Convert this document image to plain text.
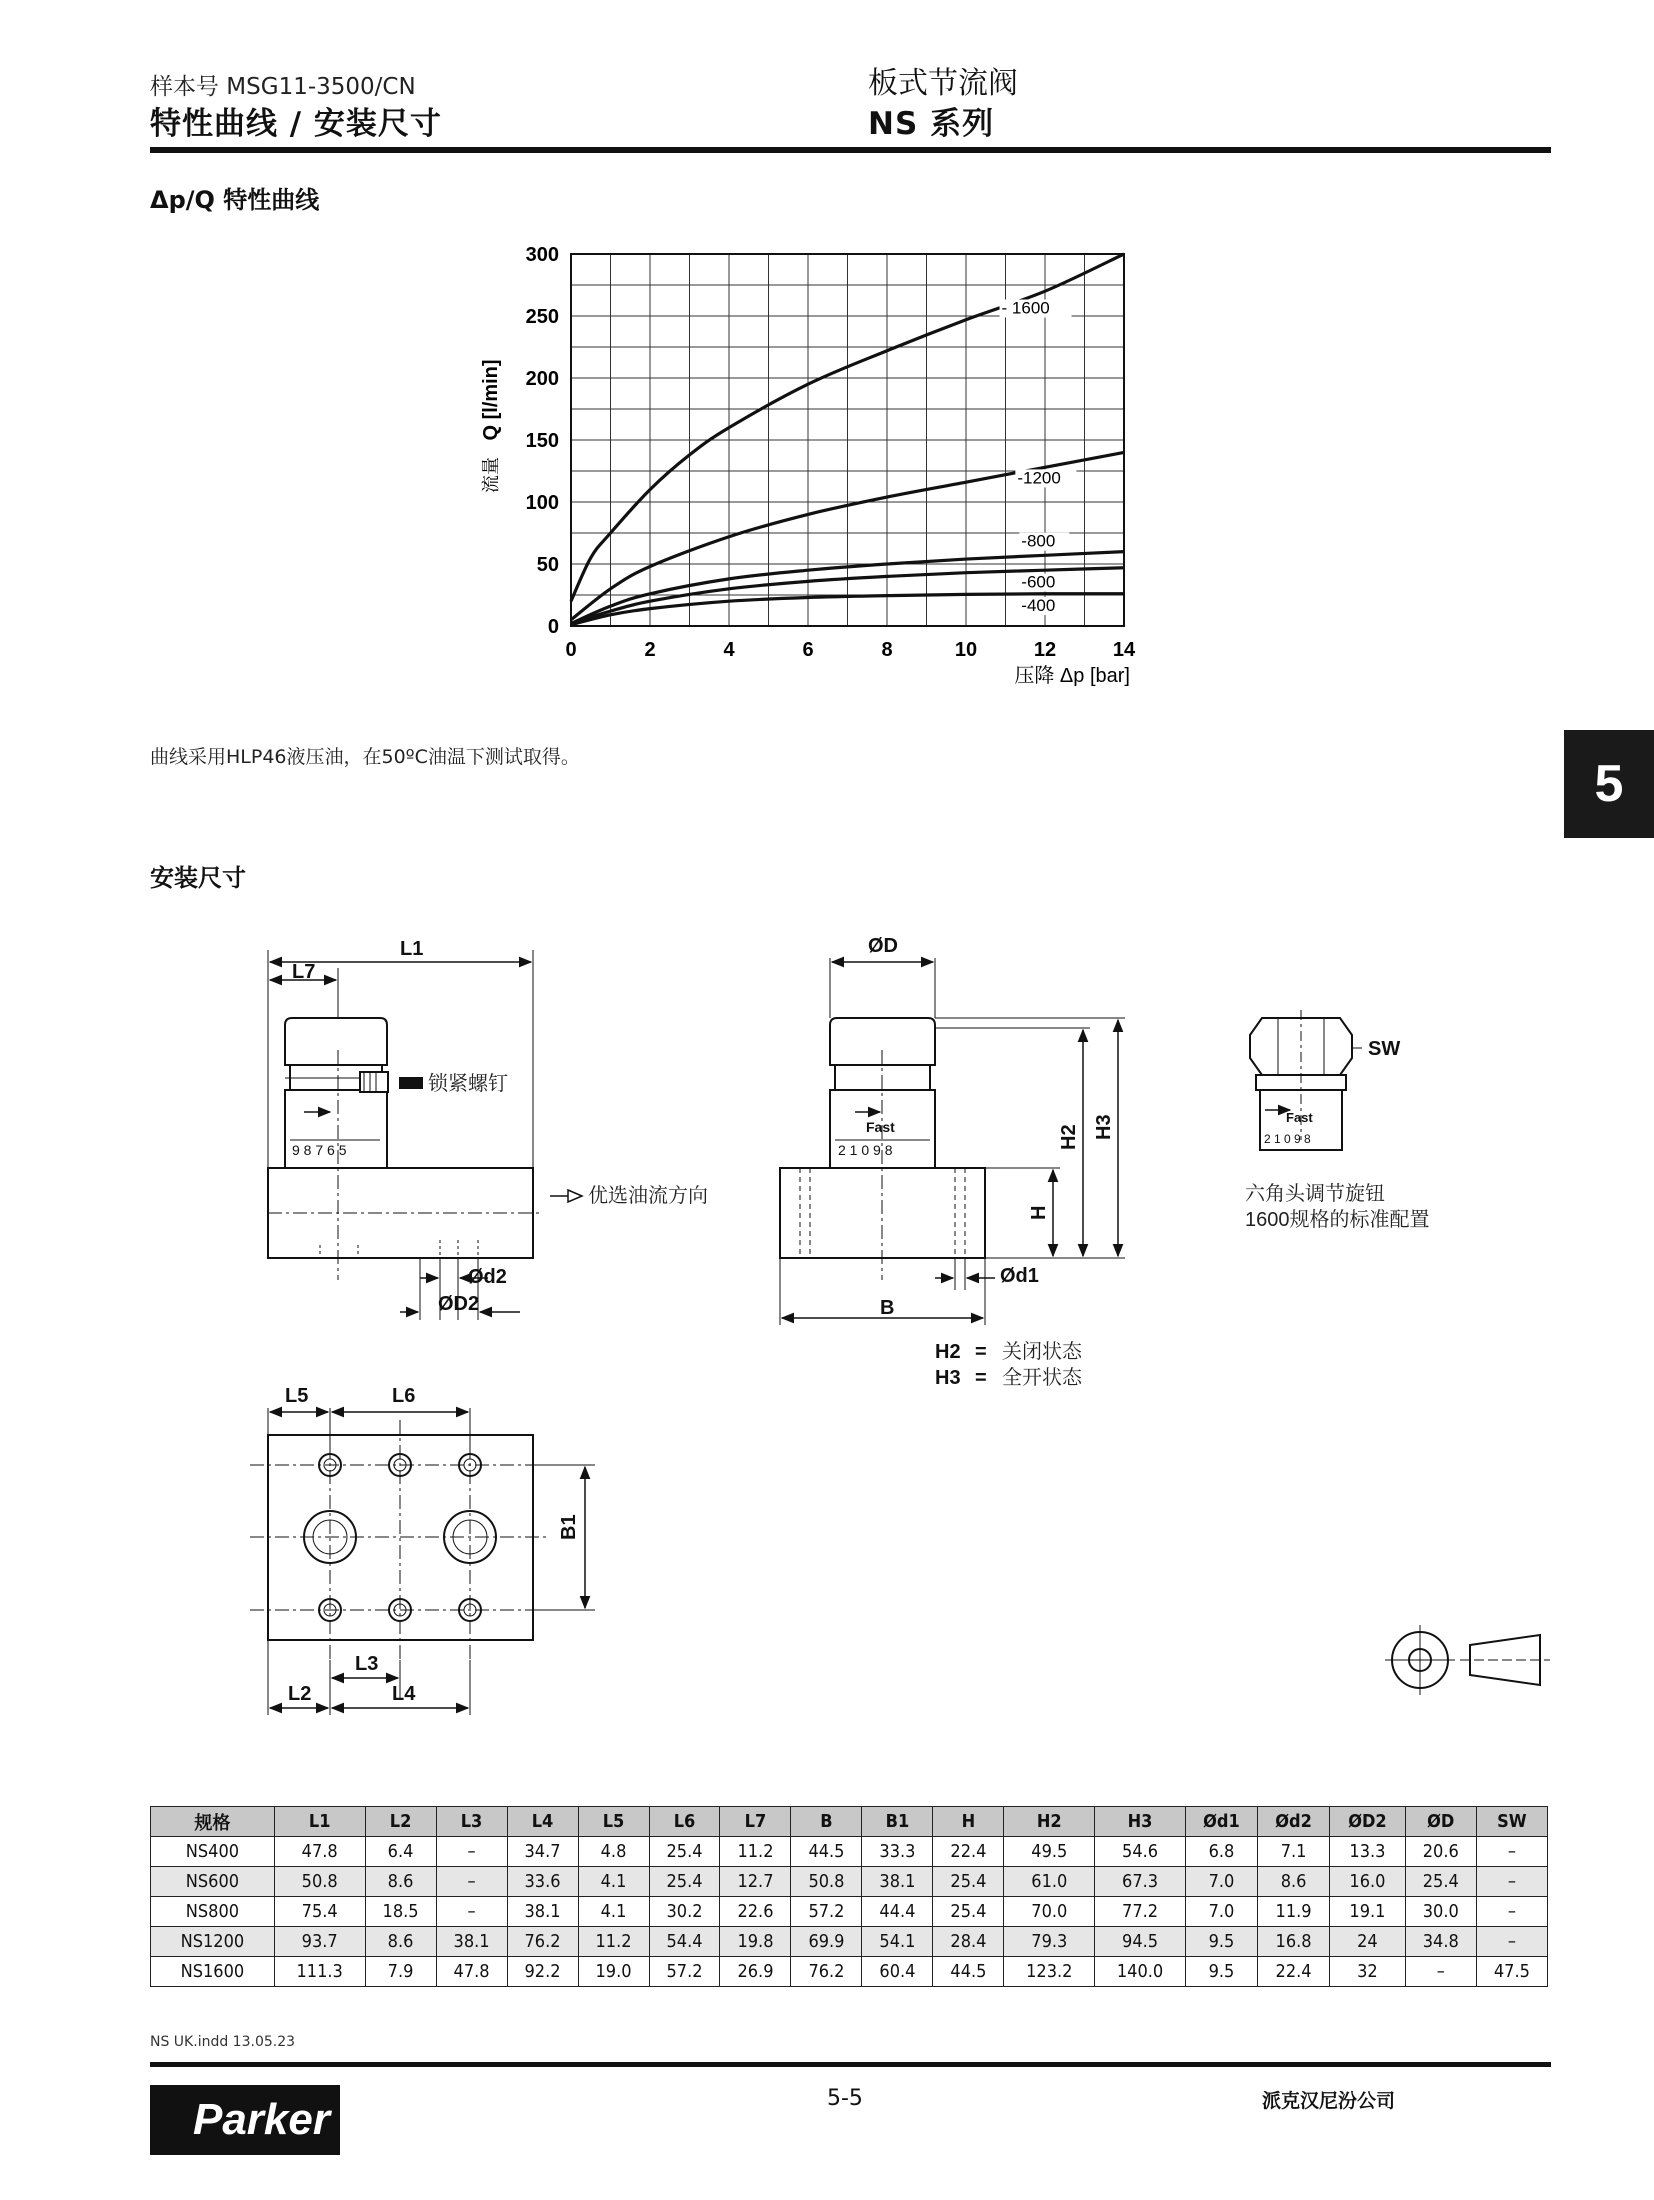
样本号 MSG11-3500/CN
特性曲线 / 安装尺寸
板式节流阀
NS 系列
Δp/Q 特性曲线
- 1600
-1200
-800
-600
-400
0	2	4	6	8	10	12	14
0
50
100
150
200
250
300
压降 Δp [bar]
Q [l/min]
流量
曲线采用HLP46液压油，在50ºC油温下测试取得。	5
安装尺寸
L1
L7
9 8 7 6 5
Ød2
ØD2
ØD
Fast
2 1 0 9 8
H
H2 H3
Ød1
B
H2
H3
=
=
SW
Fast
2 1 0 9 8
L5	L6
B1
L3
L2	L4
锁紧螺钉
优选油流方向
关闭状态
全开状态
六角头调节旋钮
1600规格的标准配置
规格	L1	L2	L3	L4	L5	L6	L7	B	B1	H	H2	H3	Ød1	Ød2	ØD2	ØD	SW
NS400	47.8	6.4	–	34.7	4.8	25.4	11.2	44.5	33.3	22.4	49.5	54.6	6.8	7.1	13.3	20.6	–
NS600	50.8	8.6	–	33.6	4.1	25.4	12.7	50.8	38.1	25.4	61.0	67.3	7.0	8.6	16.0	25.4	–
NS800	75.4	18.5	–	38.1	4.1	30.2	22.6	57.2	44.4	25.4	70.0	77.2	7.0	11.9	19.1	30.0	–
NS1200	93.7	8.6	38.1	76.2	11.2	54.4	19.8	69.9	54.1	28.4	79.3	94.5	9.5	16.8	24	34.8	–
NS1600	111.3	7.9	47.8	92.2	19.0	57.2	26.9	76.2	60.4	44.5	123.2	140.0	9.5	22.4	32	–	47.5
NS UK.indd 13.05.23
Parker	5-5	派克汉尼汾公司
